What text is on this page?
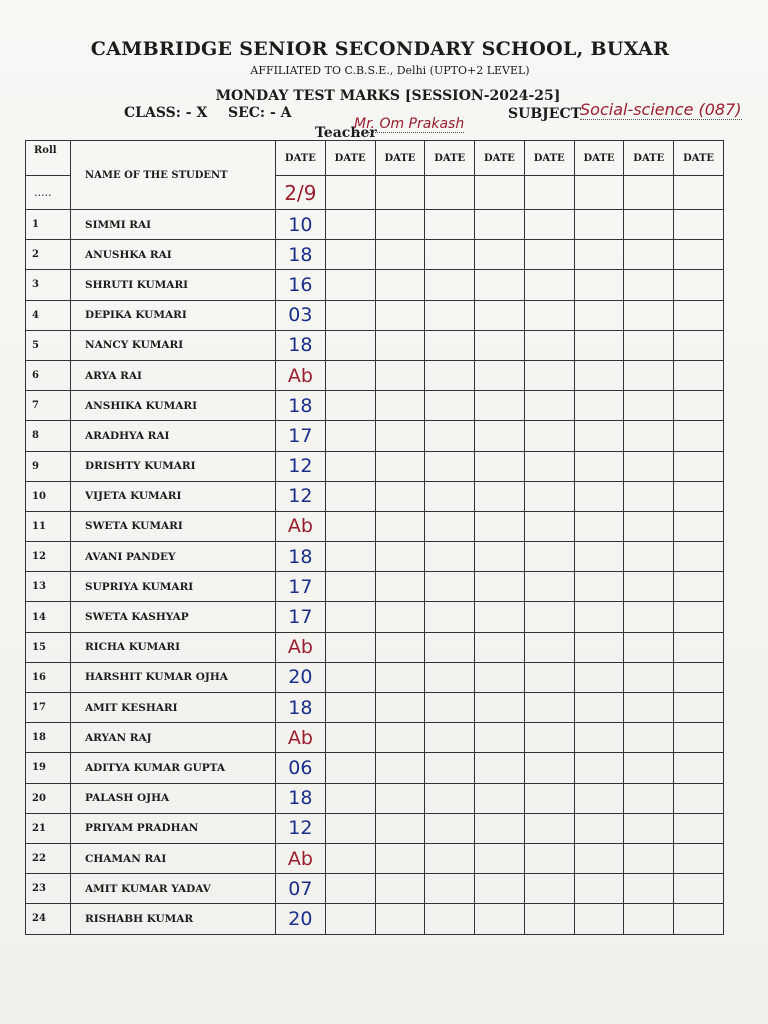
CAMBRIDGE SENIOR SECONDARY SCHOOL, BUXAR
AFFILIATED TO C.B.S.E., Delhi (UPTO+2 LEVEL)
MONDAY TEST MARKS [SESSION-2024-25]
CLASS: - X SEC: - A	SUBJECT
Social-science (087)
Teacher
Mr. Om Prakash
Roll	NAME OF THE STUDENT	DATE	DATE	DATE	DATE	DATE	DATE	DATE	DATE	DATE
.....		2/9								
1	SIMMI RAI	10								
2	ANUSHKA RAI	18								
3	SHRUTI KUMARI	16								
4	DEPIKA KUMARI	03								
5	NANCY KUMARI	18								
6	ARYA RAI	Ab								
7	ANSHIKA KUMARI	18								
8	ARADHYA RAI	17								
9	DRISHTY KUMARI	12								
10	VIJETA KUMARI	12								
11	SWETA KUMARI	Ab								
12	AVANI PANDEY	18								
13	SUPRIYA KUMARI	17								
14	SWETA KASHYAP	17								
15	RICHA KUMARI	Ab								
16	HARSHIT KUMAR OJHA	20								
17	AMIT KESHARI	18								
18	ARYAN RAJ	Ab								
19	ADITYA KUMAR GUPTA	06								
20	PALASH OJHA	18								
21	PRIYAM PRADHAN	12								
22	CHAMAN RAI	Ab								
23	AMIT KUMAR YADAV	07								
24	RISHABH KUMAR	20								
